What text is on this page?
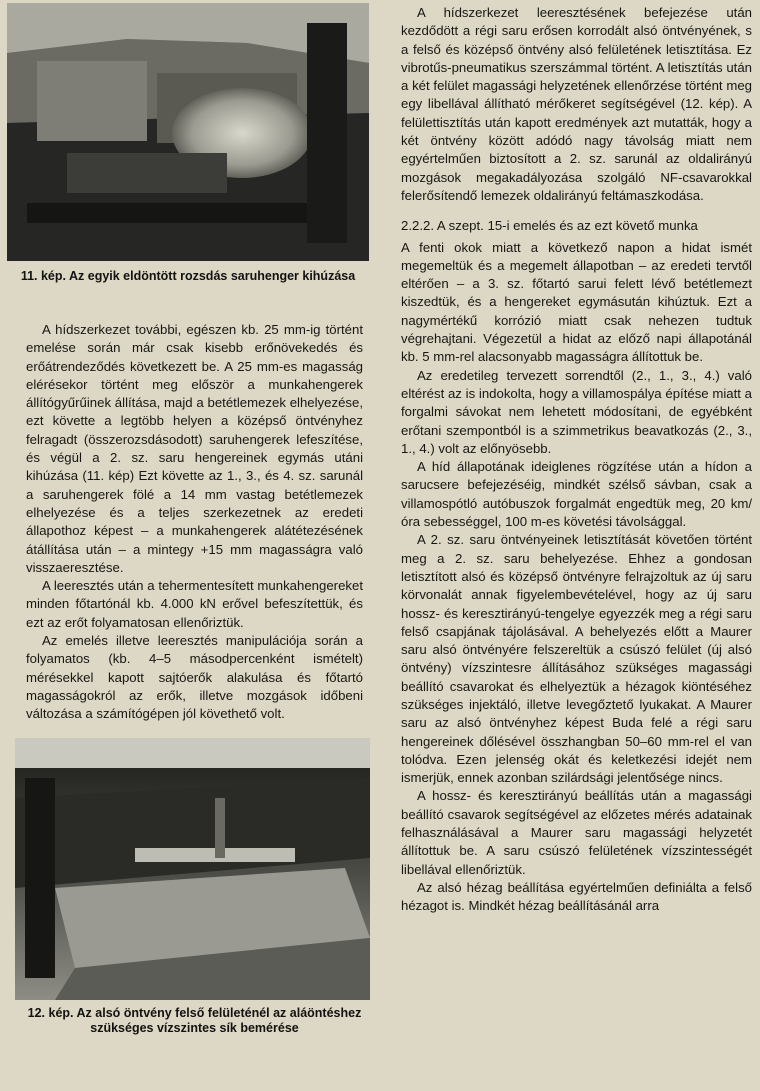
11. kép. Az egyik eldöntött rozsdás saruhenger kihúzása

A hídszerkezet további, egészen kb. 25 mm-ig történt emelése során már csak kisebb erőnövekedés és erőátrendeződés következett be. A 25 mm-es magasság elérésekor történt meg először a munkahengerek állítógyűrűinek állítása, majd a betétlemezek elhelyezése, ezt követte a legtöbb helyen a középső öntvényhez felragadt (összerozsdásodott) saruhengerek lefeszítése, és végül a 2. sz. saru hengereinek egymás utáni kihúzása (11. kép) Ezt követte az 1., 3., és 4. sz. sarunál a saruhengerek fölé a 14 mm vastag betétlemezek elhelyezése és a teljes szerkezetnek az eredeti állapothoz képest – a munkahengerek alátétezésének átállítása után – a mintegy +15 mm magasságra való visszaeresztése.

A leeresztés után a tehermentesített munkahengereket minden főtartónál kb. 4.000 kN erővel befeszítettük, és ezt az erőt folyamatosan ellenőriztük.

Az emelés illetve leeresztés manipulációja során a folyamatos (kb. 4–5 másodpercenként ismételt) mérésekkel kapott sajtóerők alakulása és főtartó magasságokról az erők, illetve mozgások időbeni változása a számítógépen jól követhető volt.

12. kép. Az alsó öntvény felső felületénél az aláöntéshez szükséges vízszintes sík bemérése

A hídszerkezet leeresztésének befejezése után kezdődött a régi saru erősen korrodált alsó öntvényének, s a felső és középső öntvény alsó felületének letisztítása. Ez vibrotűs-pneumatikus szerszámmal történt. A letisztítás után a két felület magassági helyzetének ellenőrzése történt meg egy libellával állítható mérőkeret segítségével (12. kép). A felülettisztítás után kapott eredmények azt mutatták, hogy a két öntvény között adódó nagy távolság miatt nem egyértelműen biztosított a 2. sz. sarunál az oldalirányú mozgások megakadályozása szolgáló NF-csavarokkal felerősítendő lemezek oldalirányú feltámaszkodása.

2.2.2. A szept. 15-i emelés és az ezt követő munka

A fenti okok miatt a következő napon a hidat ismét megemeltük és a megemelt állapotban – az eredeti tervtől eltérően – a 3. sz. főtartó sarui felett lévő betétlemezt kiszedtük, és a hengereket egymásután kihúztuk. Ezt a nagymértékű korrózió miatt csak nehezen tudtuk végrehajtani. Végezetül a hidat az előző napi állapotánál kb. 5 mm-rel alacsonyabb magasságra állítottuk be.

Az eredetileg tervezett sorrendtől (2., 1., 3., 4.) való eltérést az is indokolta, hogy a villamospálya építése miatt a forgalmi sávokat nem lehetett módosítani, de egyébként erőtani szempontból is a szimmetrikus beavatkozás (2., 3., 1., 4.) volt az előnyösebb.

A híd állapotának ideiglenes rögzítése után a hídon a sarucsere befejezéséig, mindkét szélső sávban, csak a villamospótló autóbuszok forgalmát engedtük meg, 20 km/óra sebességgel, 100 m-es követési távolsággal.

A 2. sz. saru öntvényeinek letisztítását követően történt meg a 2. sz. saru behelyezése. Ehhez a gondosan letisztított alsó és középső öntvényre felrajzoltuk az új saru körvonalát annak figyelembevételével, hogy az új saru hossz- és keresztirányú-tengelye egyezzék meg a régi saru felső csapjának tájolásával. A behelyezés előtt a Maurer saru alsó öntvényére felszereltük a csúszó felület (új alsó öntvény) vízszintesre állításához szükséges magassági beállító csavarokat és elhelyeztük a hézagok kiöntéséhez szükséges injektáló, illetve levegőztető lyukakat. A Maurer saru az alsó öntvényhez képest Buda felé a régi saru hengereinek dőlésével összhangban 50–60 mm-rel el van tolódva. Ezen jelenség okát és keletkezési idejét nem ismerjük, ennek azonban szilárdsági jelentősége nincs.

A hossz- és keresztirányú beállítás után a magassági beállító csavarok segítségével az előzetes mérés adatainak felhasználásával a Maurer saru magassági helyzetét állítottuk be. A saru csúszó felületének vízszintességét libellával ellenőriztük.

Az alsó hézag beállítása egyértelműen definiálta a felső hézagot is. Mindkét hézag beállításánál arra
